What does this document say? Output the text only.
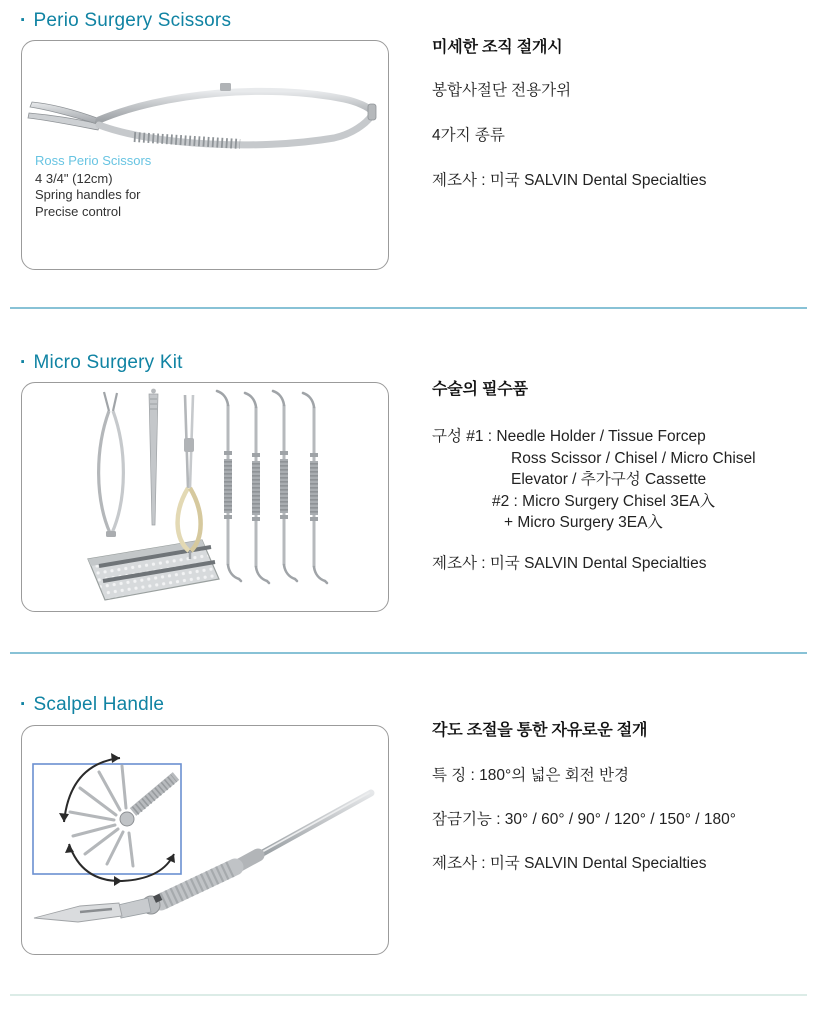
· Perio Surgery Scissors
Ross Perio Scissors
4 3/4" (12cm)
Spring handles for
Precise control
미세한 조직 절개시

봉합사절단 전용가위

4가지 종류

제조사 : 미국 SALVIN Dental Specialties

· Micro Surgery Kit
수술의 필수품

구성 #1 : Needle Holder / Tissue Forcep

Ross Scissor / Chisel / Micro Chisel

Elevator / 추가구성 Cassette

#2 : Micro Surgery Chisel 3EA入

+ Micro Surgery 3EA入

제조사 : 미국 SALVIN Dental Specialties

· Scalpel Handle
각도 조절을 통한 자유로운 절개

특 징 : 180°의 넓은 회전 반경

잠금기능 : 30° / 60° / 90° / 120° / 150° / 180°

제조사 : 미국 SALVIN Dental Specialties
